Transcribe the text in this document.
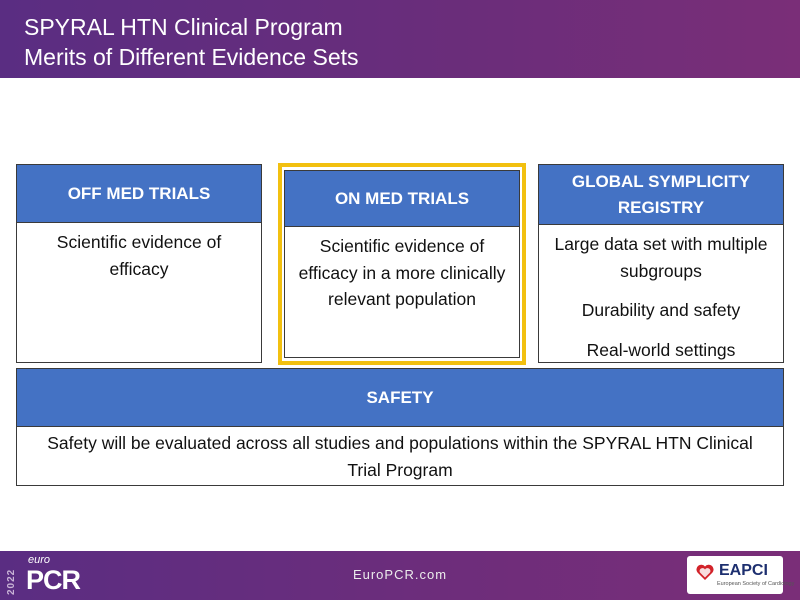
SPYRAL HTN Clinical Program
Merits of Different Evidence Sets
OFF MED TRIALS
Scientific evidence of efficacy
ON MED TRIALS
Scientific evidence of efficacy in a more clinically relevant population
GLOBAL SYMPLICITY REGISTRY

Large data set with multiple subgroups

Durability and safety

Real-world settings

SAFETY
Safety will be evaluated across all studies and populations within the SPYRAL HTN Clinical Trial Program
2022
euro
PCR	EuroPCR.com	EAPCI
European Society of Cardiology
